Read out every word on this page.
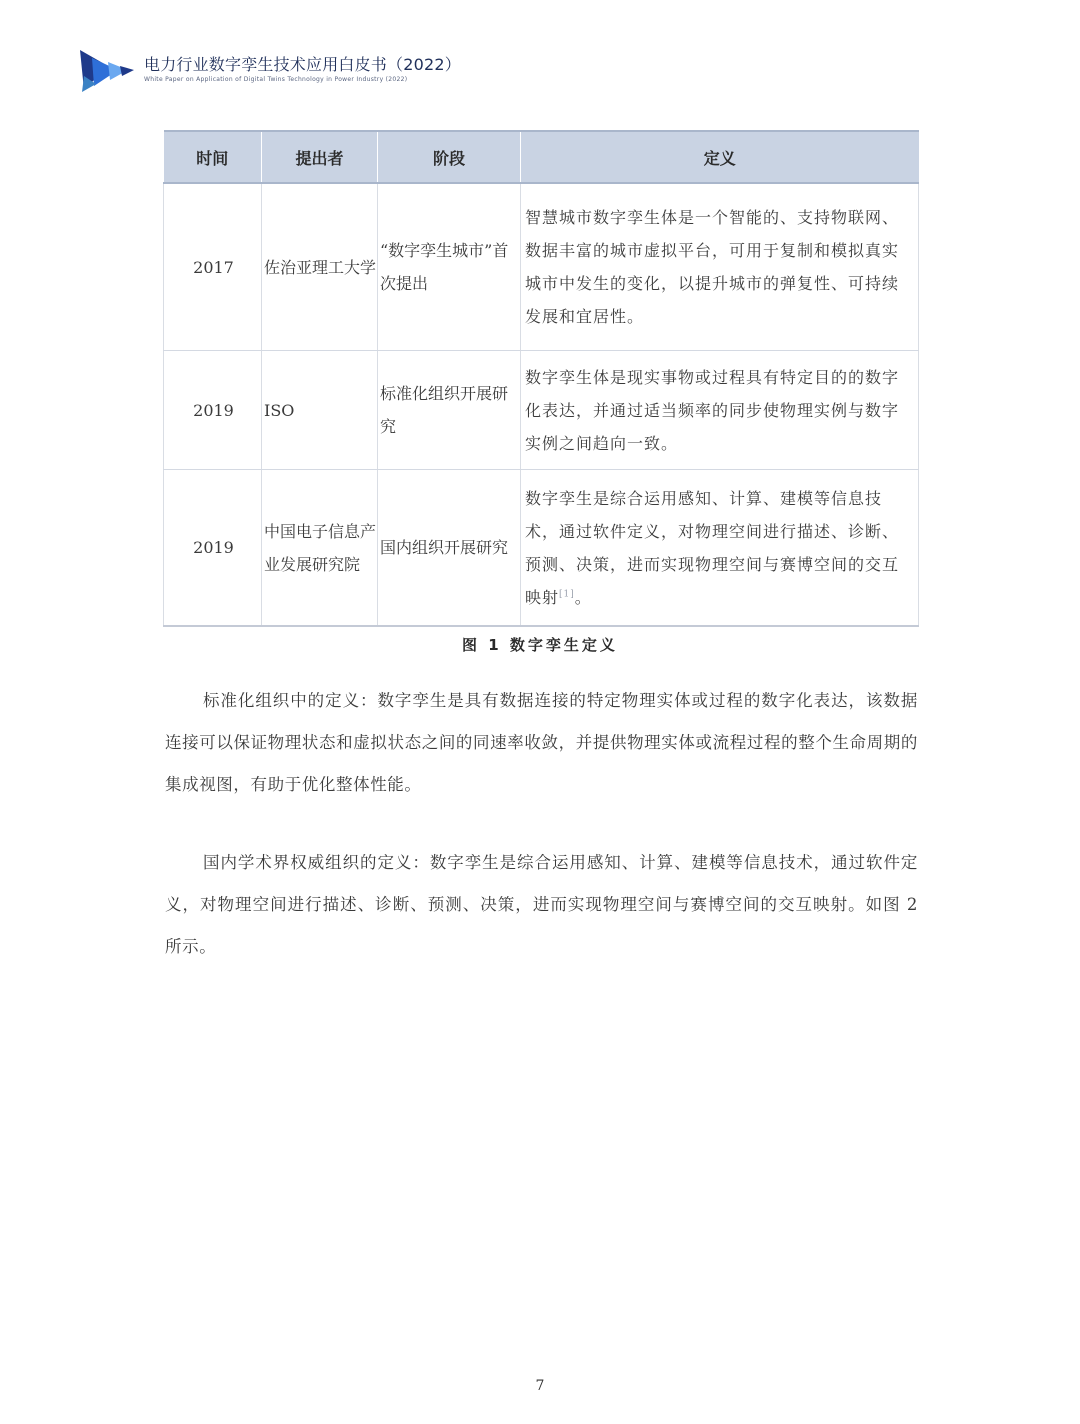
电力行业数字孪生技术应用白皮书（2022）
White Paper on Application of Digital Twins Technology in Power Industry (2022)
时间	提出者	阶段	定义
2017	佐治亚理工大学	“数字孪生城市”首次提出	智慧城市数字孪生体是一个智能的、支持物联网、数据丰富的城市虚拟平台，可用于复制和模拟真实城市中发生的变化，以提升城市的弹复性、可持续发展和宜居性。
2019	ISO	标准化组织开展研究	数字孪生体是现实事物或过程具有特定目的的数字化表达，并通过适当频率的同步使物理实例与数字实例之间趋向一致。
2019	中国电子信息产业发展研究院	国内组织开展研究	数字孪生是综合运用感知、计算、建模等信息技术，通过软件定义，对物理空间进行描述、诊断、预测、决策，进而实现物理空间与赛博空间的交互映射[1]。
图 1 数字孪生定义

标准化组织中的定义：数字孪生是具有数据连接的特定物理实体或过程的数字化表达，该数据连接可以保证物理状态和虚拟状态之间的同速率收敛，并提供物理实体或流程过程的整个生命周期的集成视图，有助于优化整体性能。

国内学术界权威组织的定义：数字孪生是综合运用感知、计算、建模等信息技术，通过软件定义，对物理空间进行描述、诊断、预测、决策，进而实现物理空间与赛博空间的交互映射。如图 2 所示。

7
